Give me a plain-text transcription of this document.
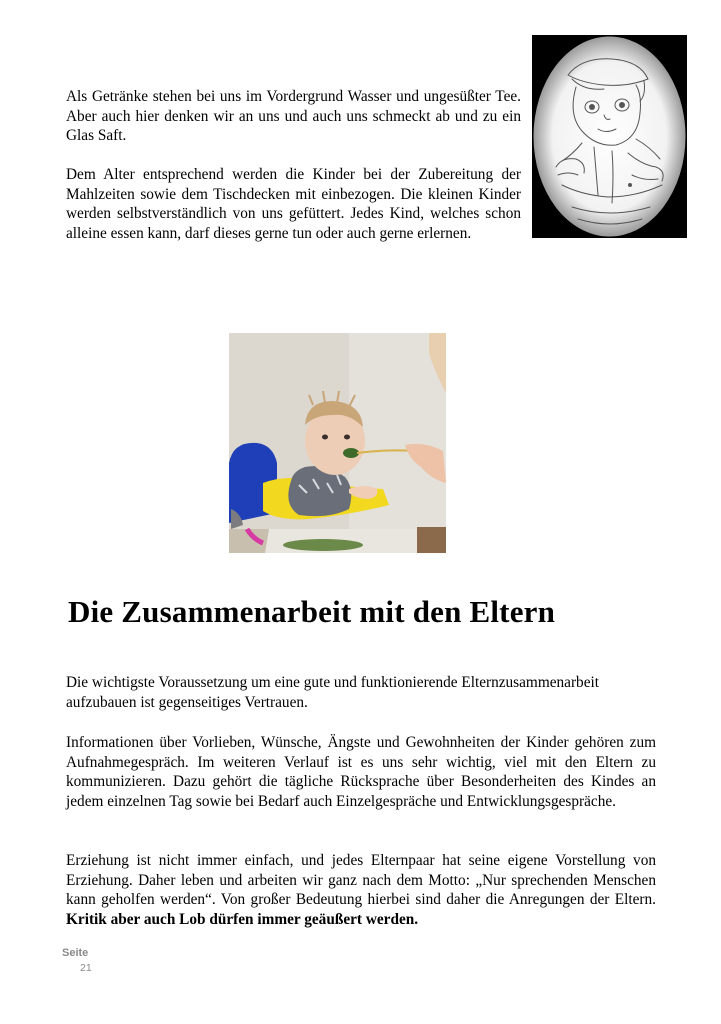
Als Getränke stehen bei uns im Vordergrund Wasser und ungesüßter Tee. Aber auch hier denken wir an uns und auch uns schmeckt ab und zu ein Glas Saft.

Dem Alter entsprechend werden die Kinder bei der Zubereitung der Mahlzeiten sowie dem Tischdecken mit einbezogen. Die kleinen Kinder werden selbstverständlich von uns gefüttert. Jedes Kind, welches schon alleine essen kann, darf dieses gerne tun oder auch gerne erlernen.

Die Zusammenarbeit mit den Eltern

Die wichtigste Voraussetzung um eine gute und funktionierende Elternzusammenarbeit aufzubauen ist gegenseitiges Vertrauen.

Informationen über Vorlieben, Wünsche, Ängste und Gewohnheiten der Kinder gehören zum Aufnahmegespräch. Im weiteren Verlauf ist es uns sehr wichtig, viel mit den Eltern zu kommunizieren. Dazu gehört die tägliche Rücksprache über Besonderheiten des Kindes an jedem einzelnen Tag sowie bei Bedarf auch Einzelgespräche und Entwicklungsgespräche.

Erziehung ist nicht immer einfach, und jedes Elternpaar hat seine eigene Vorstellung von Erziehung. Daher leben und arbeiten wir ganz nach dem Motto: „Nur sprechenden Menschen kann geholfen werden“. Von großer Bedeutung hierbei sind daher die Anregungen der Eltern. Kritik aber auch Lob dürfen immer geäußert werden.

Seite
21
